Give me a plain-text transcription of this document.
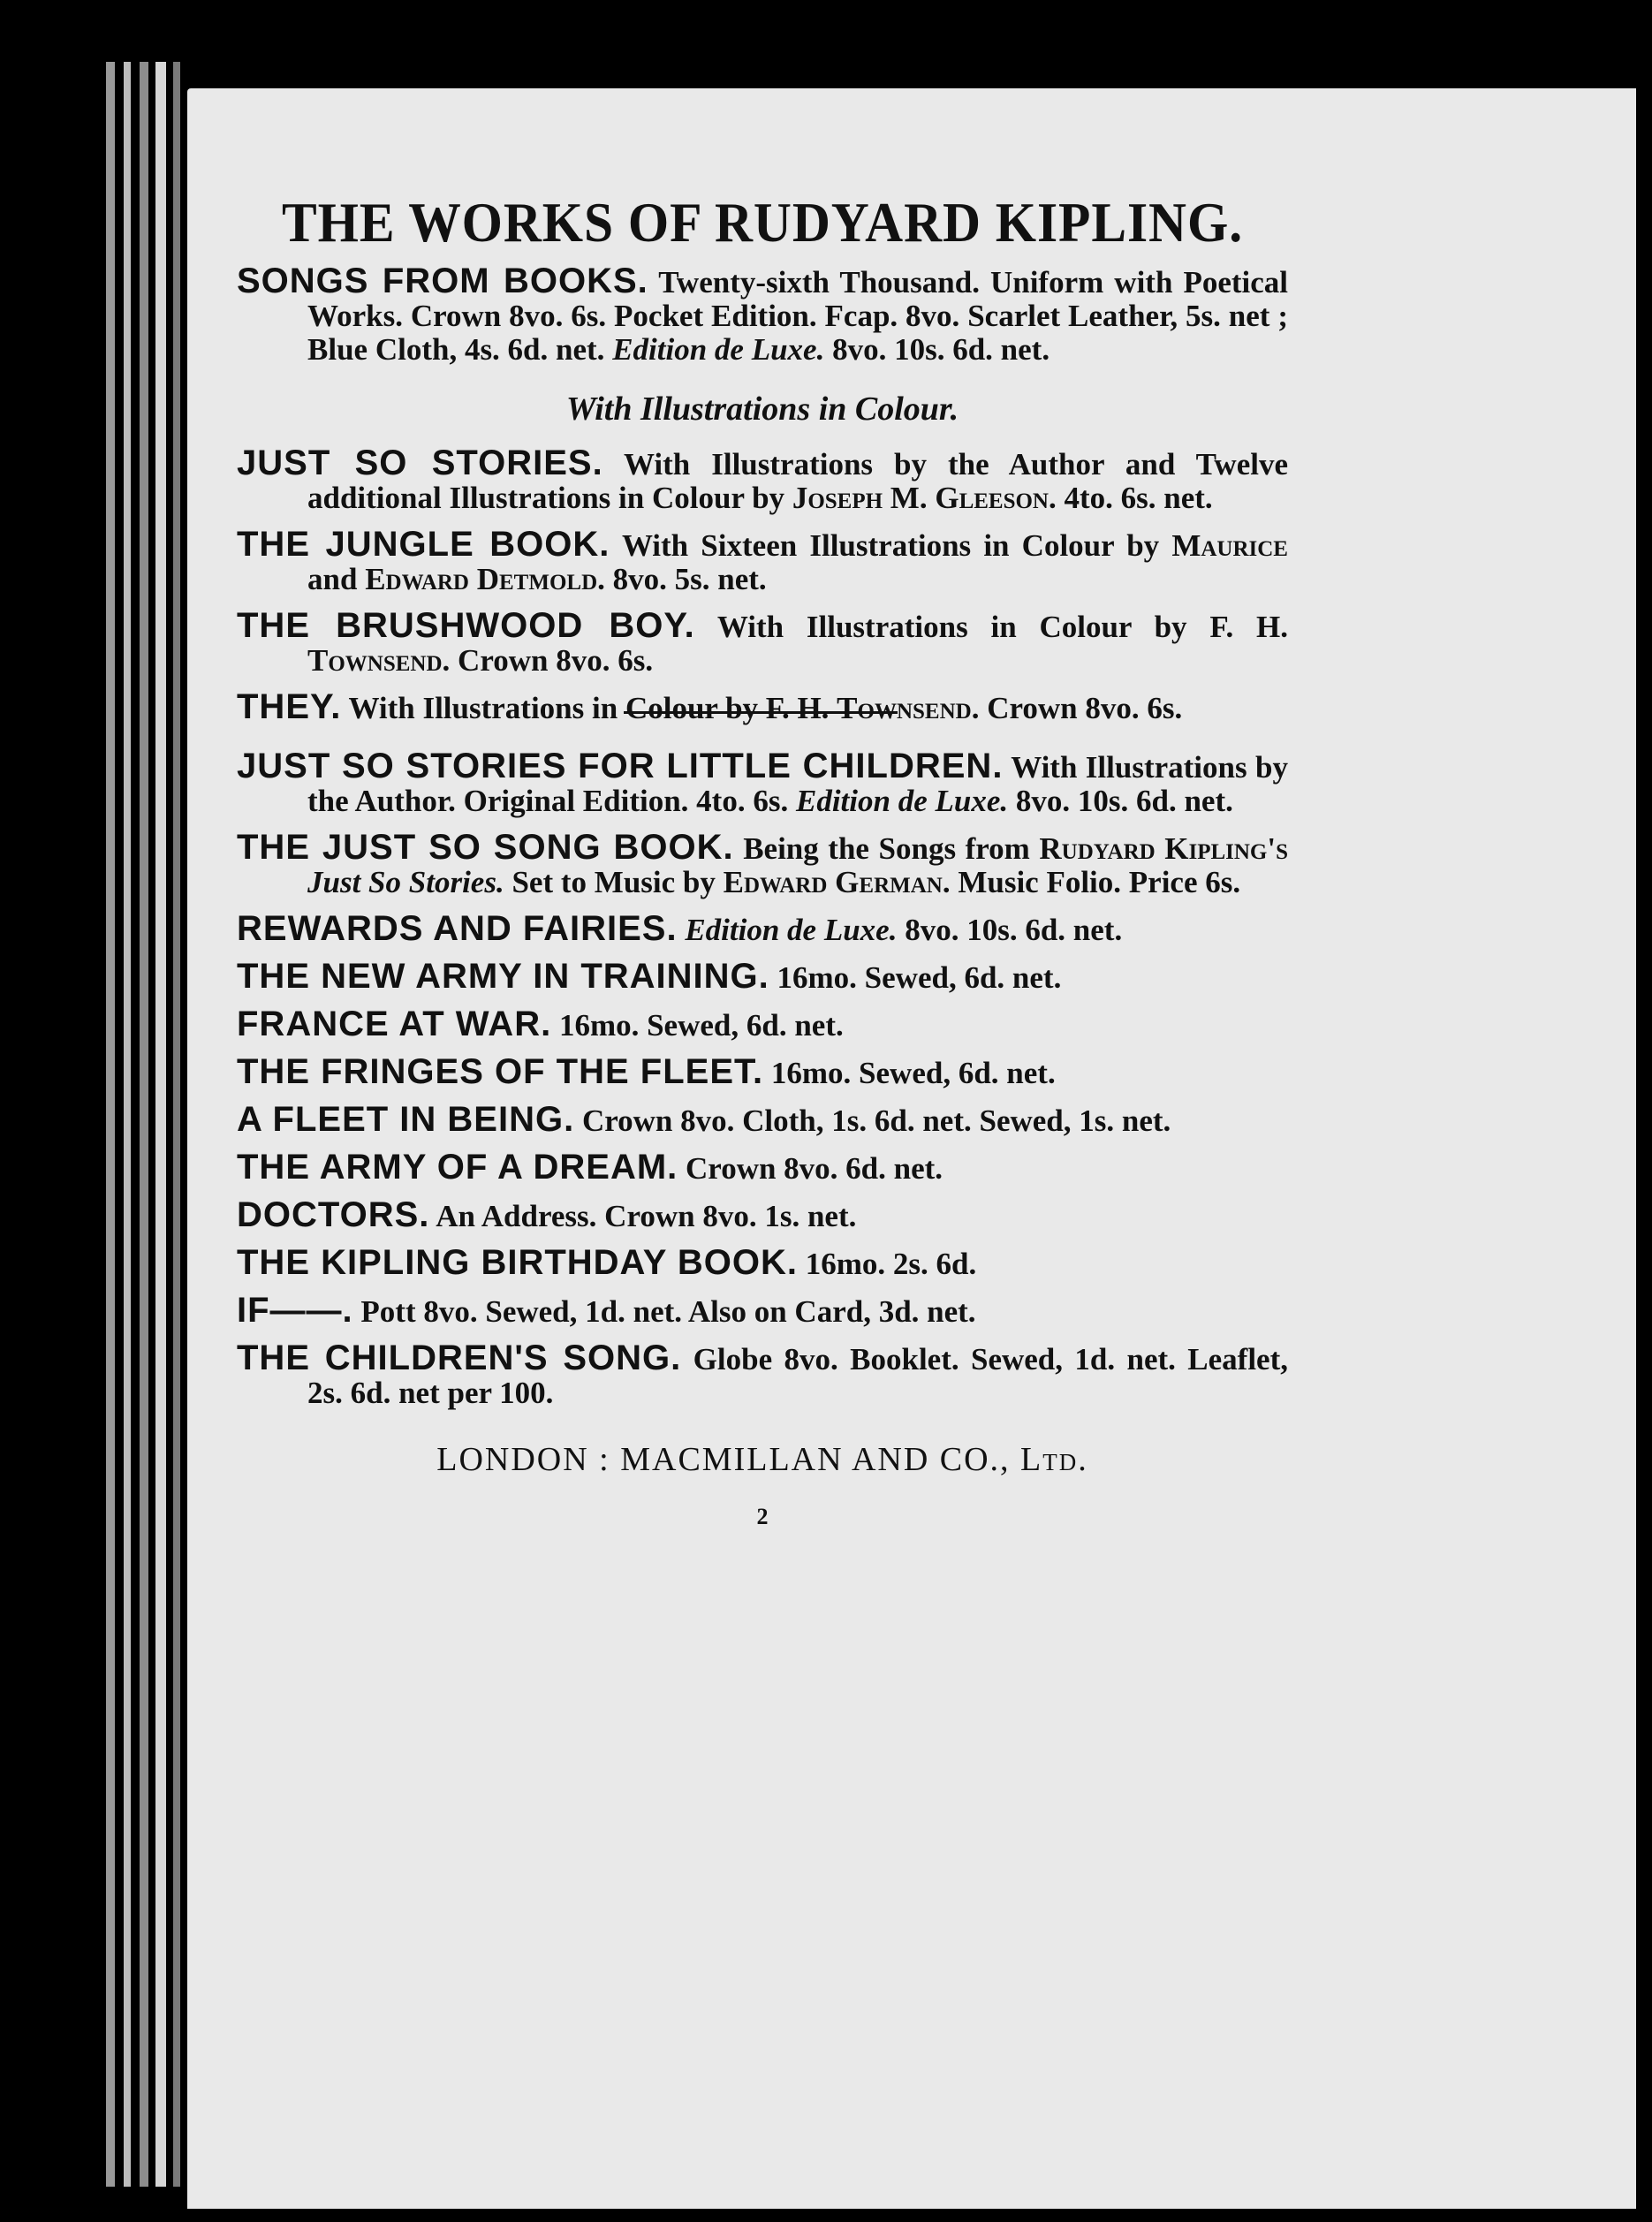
THE WORKS OF RUDYARD KIPLING.
SONGS FROM BOOKS. Twenty-sixth Thousand. Uniform with Poetical Works. Crown 8vo. 6s. Pocket Edition. Fcap. 8vo. Scarlet Leather, 5s. net ; Blue Cloth, 4s. 6d. net. Edition de Luxe. 8vo. 10s. 6d. net.
With Illustrations in Colour.
JUST SO STORIES. With Illustrations by the Author and Twelve additional Illustrations in Colour by Joseph M. Gleeson. 4to. 6s. net.
THE JUNGLE BOOK. With Sixteen Illustrations in Colour by Maurice and Edward Detmold. 8vo. 5s. net.
THE BRUSHWOOD BOY. With Illustrations in Colour by F. H. Townsend. Crown 8vo. 6s.
THEY. With Illustrations in Colour by F. H. Townsend. Crown 8vo. 6s.
JUST SO STORIES FOR LITTLE CHILDREN. With Illustrations by the Author. Original Edition. 4to. 6s. Edition de Luxe. 8vo. 10s. 6d. net.
THE JUST SO SONG BOOK. Being the Songs from Rudyard Kipling's Just So Stories. Set to Music by Edward German. Music Folio. Price 6s.
REWARDS AND FAIRIES. Edition de Luxe. 8vo. 10s. 6d. net.
THE NEW ARMY IN TRAINING. 16mo. Sewed, 6d. net.
FRANCE AT WAR. 16mo. Sewed, 6d. net.
THE FRINGES OF THE FLEET. 16mo. Sewed, 6d. net.
A FLEET IN BEING. Crown 8vo. Cloth, 1s. 6d. net. Sewed, 1s. net.
THE ARMY OF A DREAM. Crown 8vo. 6d. net.
DOCTORS. An Address. Crown 8vo. 1s. net.
THE KIPLING BIRTHDAY BOOK. 16mo. 2s. 6d.
IF——. Pott 8vo. Sewed, 1d. net. Also on Card, 3d. net.
THE CHILDREN'S SONG. Globe 8vo. Booklet. Sewed, 1d. net. Leaflet, 2s. 6d. net per 100.
LONDON : MACMILLAN AND CO., Ltd.
2
